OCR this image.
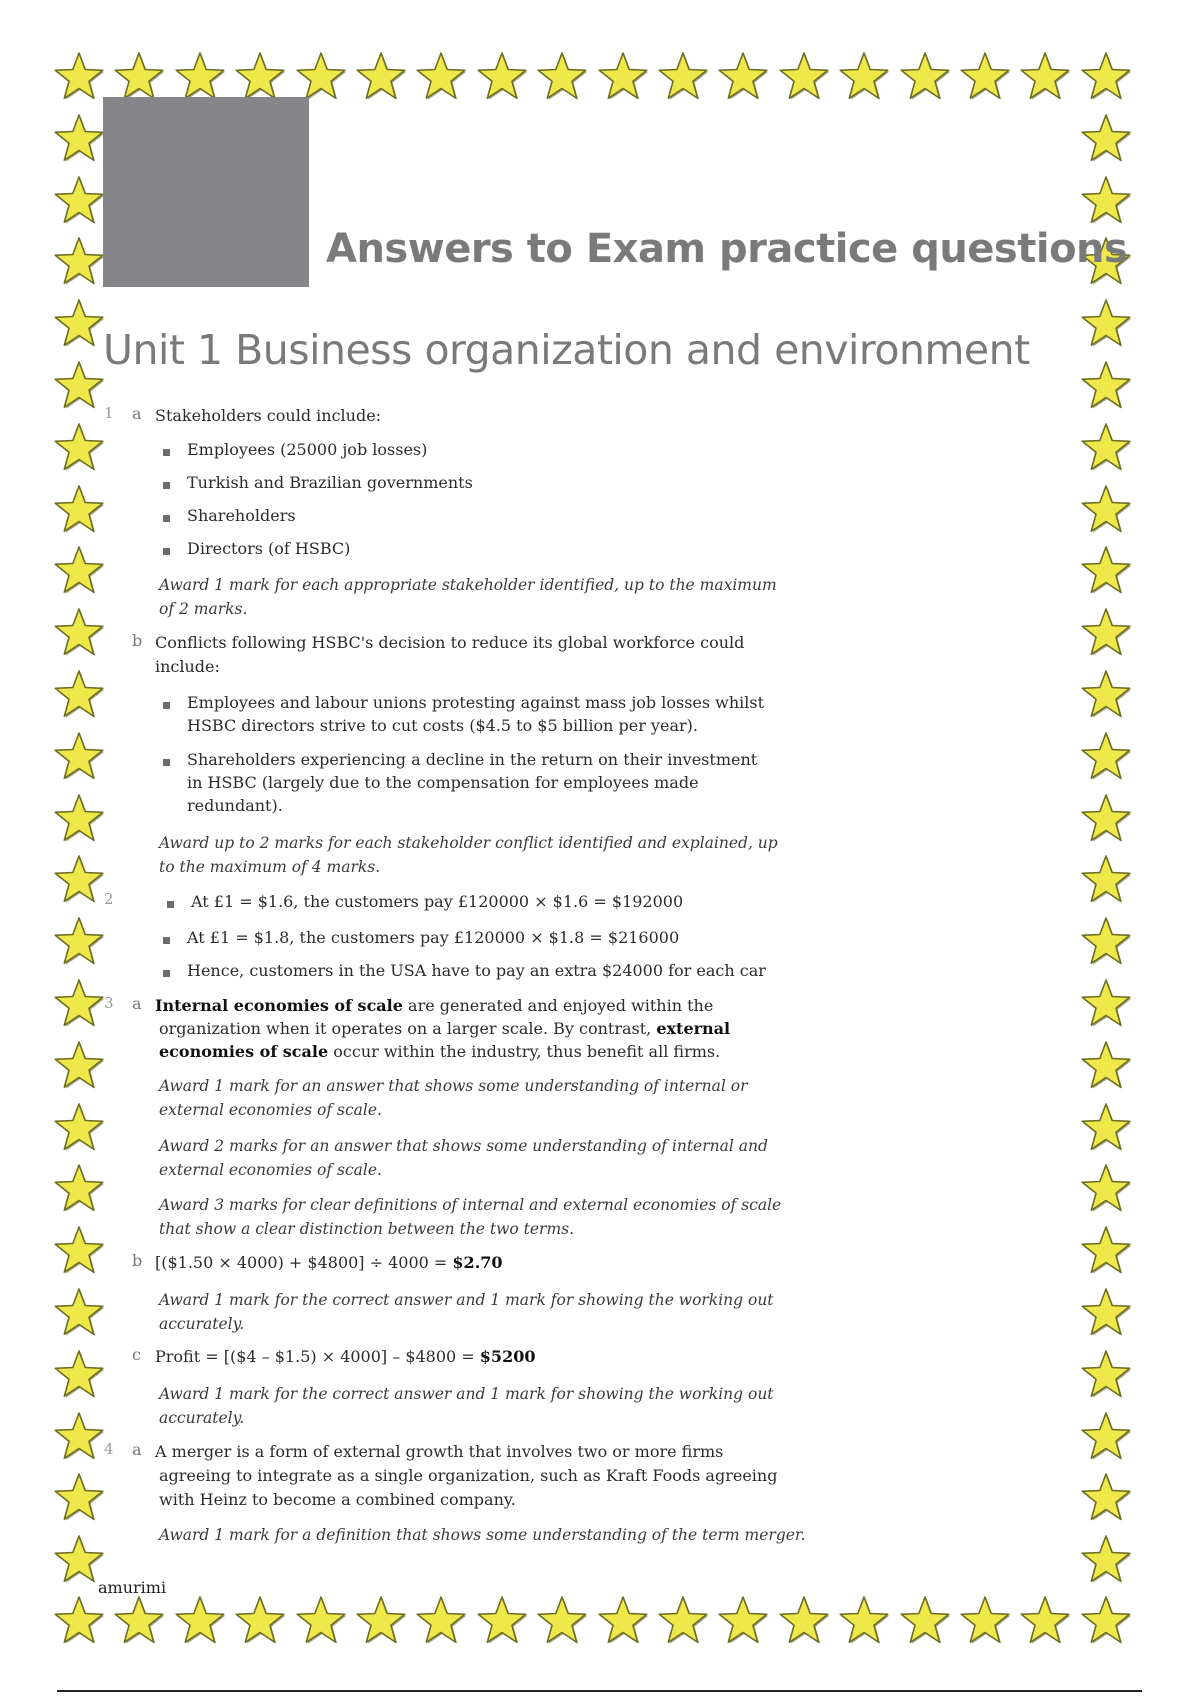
Answers to Exam practice questions
Unit 1 Business organization and environment
1 a Stakeholders could include:
Employees (25000 job losses)
Turkish and Brazilian governments
Shareholders
Directors (of HSBC)
Award 1 mark for each appropriate stakeholder identified, up to the maximum
of 2 marks.
b Conflicts following HSBC's decision to reduce its global workforce could
include:
Employees and labour unions protesting against mass job losses whilst
HSBC directors strive to cut costs ($4.5 to $5 billion per year).
Shareholders experiencing a decline in the return on their investment
in HSBC (largely due to the compensation for employees made
redundant).
Award up to 2 marks for each stakeholder conflict identified and explained, up
to the maximum of 4 marks.
2	At £1 = $1.6, the customers pay £120000 × $1.6 = $192000
At £1 = $1.8, the customers pay £120000 × $1.8 = $216000
Hence, customers in the USA have to pay an extra $24000 for each car
3 a Internal economies of scale are generated and enjoyed within the
organization when it operates on a larger scale. By contrast, external
economies of scale occur within the industry, thus benefit all firms.
Award 1 mark for an answer that shows some understanding of internal or
external economies of scale.
Award 2 marks for an answer that shows some understanding of internal and
external economies of scale.
Award 3 marks for clear definitions of internal and external economies of scale
that show a clear distinction between the two terms.
b [($1.50 × 4000) + $4800] ÷ 4000 = $2.70
Award 1 mark for the correct answer and 1 mark for showing the working out
accurately.
c Profit = [($4 – $1.5) × 4000] – $4800 = $5200
Award 1 mark for the correct answer and 1 mark for showing the working out
accurately.
4 a A merger is a form of external growth that involves two or more firms
agreeing to integrate as a single organization, such as Kraft Foods agreeing
with Heinz to become a combined company.
Award 1 mark for a definition that shows some understanding of the term merger.
amurimi
